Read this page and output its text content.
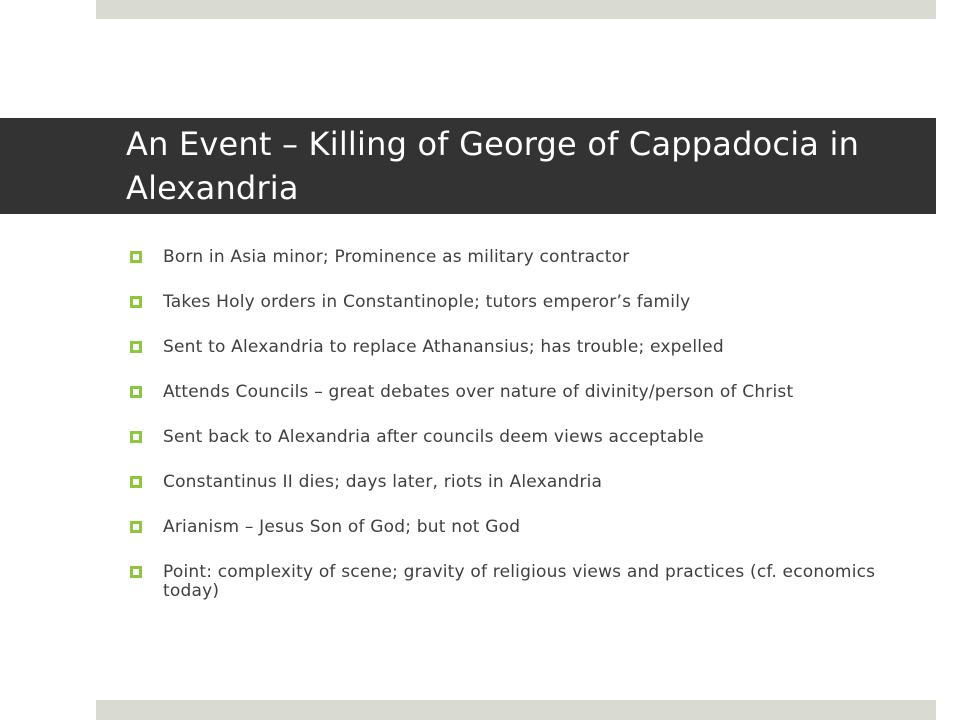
An Event – Killing of George of Cappadocia in Alexandria
Born in Asia minor; Prominence as military contractor
Takes Holy orders in Constantinople; tutors emperor’s family
Sent to Alexandria to replace Athanansius; has trouble; expelled
Attends Councils – great debates over nature of divinity/person of Christ
Sent back to Alexandria after councils deem views acceptable
Constantinus II dies; days later, riots in Alexandria
Arianism – Jesus Son of God; but not God
Point: complexity of scene; gravity of religious views and practices (cf. economics today)
